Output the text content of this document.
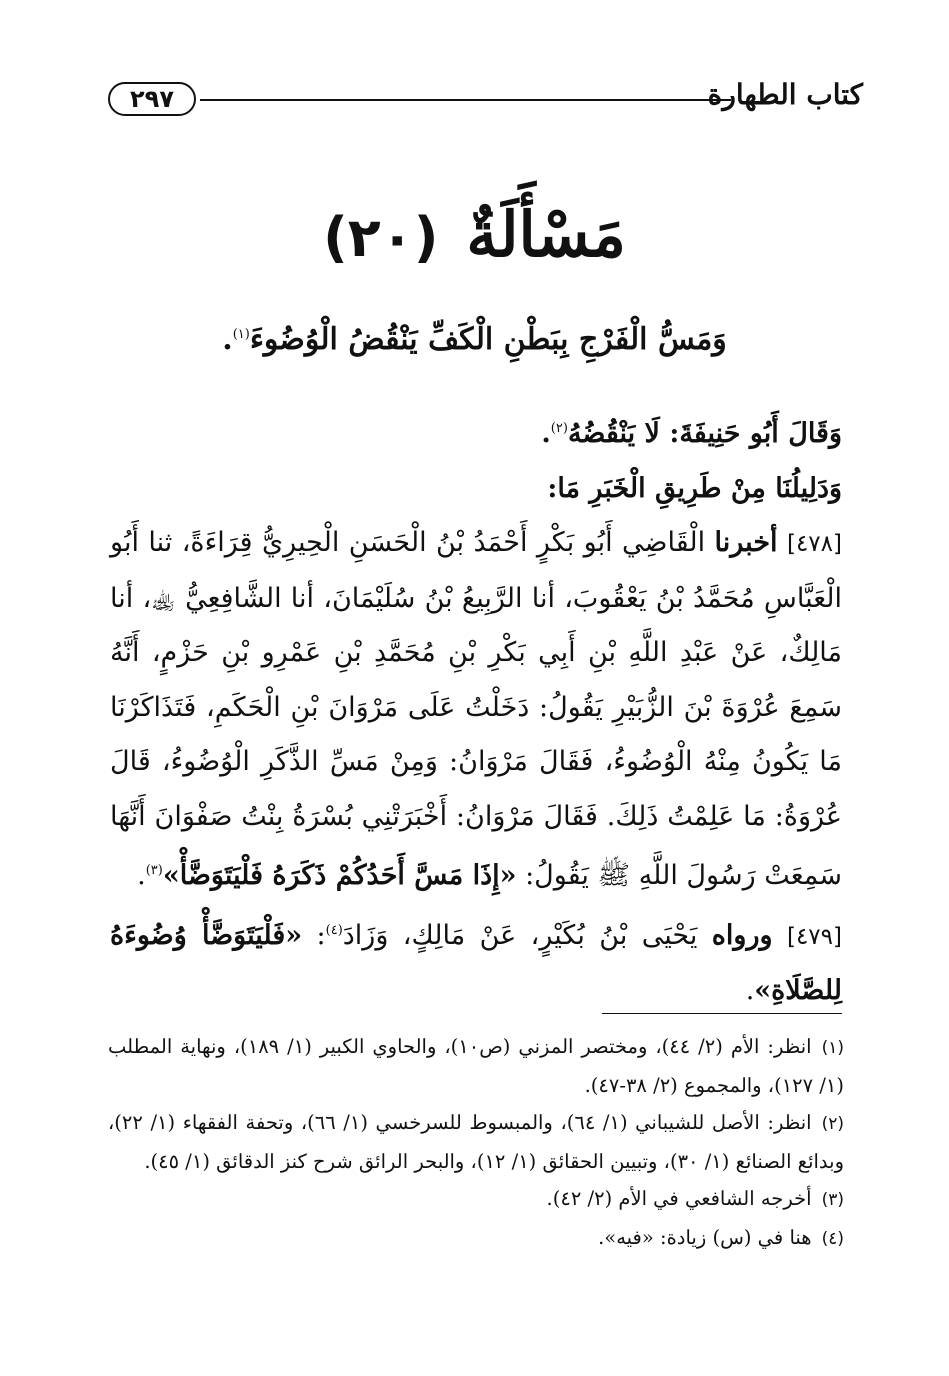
٢٩٧	كتاب الطهارة
مَسْأَلَةٌ(٢٠)
وَمَسُّ الْفَرْجِ بِبَطْنِ الْكَفِّ يَنْقُضُ الْوُضُوءَ$^{(١)}$.

وَقَالَ أَبُو حَنِيفَةَ: لَا يَنْقُضُهُ$^{(٢)}$.

وَدَلِيلُنَا مِنْ طَرِيقِ الْخَبَرِ مَا:

[٤٧٨] أخبرنا الْقَاضِي أَبُو بَكْرٍ أَحْمَدُ بْنُ الْحَسَنِ الْحِيرِيُّ قِرَاءَةً، ثنا أَبُو الْعَبَّاسِ مُحَمَّدُ بْنُ يَعْقُوبَ، أنا الرَّبِيعُ بْنُ سُلَيْمَانَ، أنا الشَّافِعِيُّ ﵀، أنا مَالِكٌ، عَنْ عَبْدِ اللَّهِ بْنِ أَبِي بَكْرِ بْنِ مُحَمَّدِ بْنِ عَمْرِو بْنِ حَزْمٍ، أَنَّهُ سَمِعَ عُرْوَةَ بْنَ الزُّبَيْرِ يَقُولُ: دَخَلْتُ عَلَى مَرْوَانَ بْنِ الْحَكَمِ، فَتَذَاكَرْنَا مَا يَكُونُ مِنْهُ الْوُضُوءُ، فَقَالَ مَرْوَانُ: وَمِنْ مَسِّ الذَّكَرِ الْوُضُوءُ، قَالَ عُرْوَةُ: مَا عَلِمْتُ ذَلِكَ. فَقَالَ مَرْوَانُ: أَخْبَرَتْنِي بُسْرَةُ بِنْتُ صَفْوَانَ أَنَّهَا سَمِعَتْ رَسُولَ اللَّهِ ﷺ يَقُولُ: «إِذَا مَسَّ أَحَدُكُمْ ذَكَرَهُ فَلْيَتَوَضَّأْ»$^{(٣)}$.

[٤٧٩] ورواه يَحْيَى بْنُ بُكَيْرٍ، عَنْ مَالِكٍ، وَزَادَ$^{(٤)}$: «فَلْيَتَوَضَّأْ وُضُوءَهُ لِلصَّلَاةِ».

(١)انظر: الأم (٢/ ٤٤)، ومختصر المزني (ص١٠)، والحاوي الكبير (١/ ١٨٩)، ونهاية المطلب (١/ ١٢٧)، والمجموع (٢/ ٣٨-٤٧).

(٢)انظر: الأصل للشيباني (١/ ٦٤)، والمبسوط للسرخسي (١/ ٦٦)، وتحفة الفقهاء (١/ ٢٢)، وبدائع الصنائع (١/ ٣٠)، وتبيين الحقائق (١/ ١٢)، والبحر الرائق شرح كنز الدقائق (١/ ٤٥).

(٣)أخرجه الشافعي في الأم (٢/ ٤٢).

(٤)هنا في (س) زيادة: «فيه».
